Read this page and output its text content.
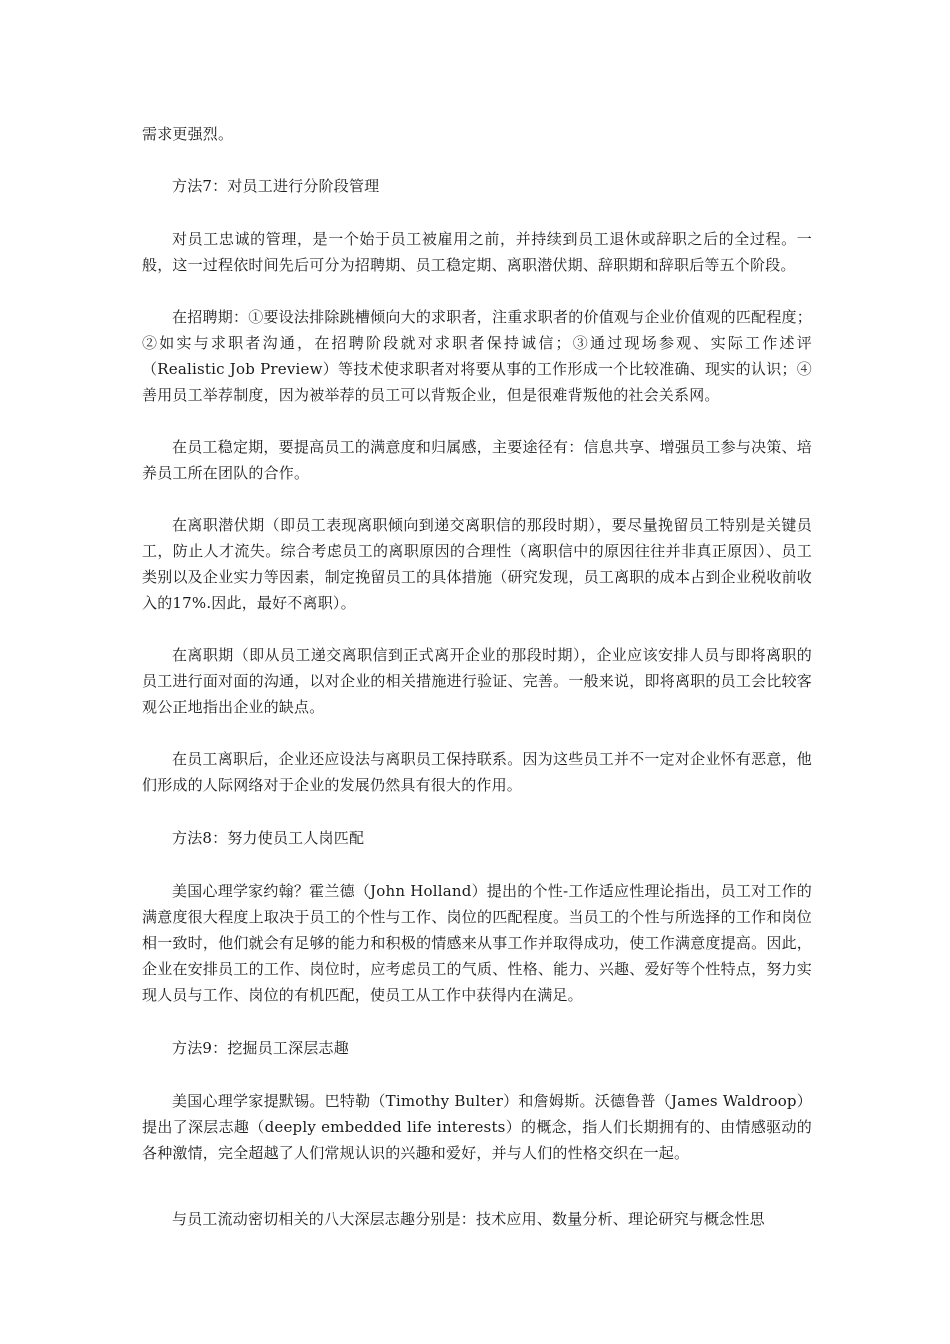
需求更强烈。

方法7：对员工进行分阶段管理

对员工忠诚的管理，是一个始于员工被雇用之前，并持续到员工退休或辞职之后的全过程。一般，这一过程依时间先后可分为招聘期、员工稳定期、离职潜伏期、辞职期和辞职后等五个阶段。

在招聘期：①要设法排除跳槽倾向大的求职者，注重求职者的价值观与企业价值观的匹配程度；②如实与求职者沟通，在招聘阶段就对求职者保持诚信；③通过现场参观、实际工作述评（Realistic Job Preview）等技术使求职者对将要从事的工作形成一个比较准确、现实的认识；④善用员工举荐制度，因为被举荐的员工可以背叛企业，但是很难背叛他的社会关系网。

在员工稳定期，要提高员工的满意度和归属感，主要途径有：信息共享、增强员工参与决策、培养员工所在团队的合作。

在离职潜伏期（即员工表现离职倾向到递交离职信的那段时期），要尽量挽留员工特别是关键员工，防止人才流失。综合考虑员工的离职原因的合理性（离职信中的原因往往并非真正原因）、员工类别以及企业实力等因素，制定挽留员工的具体措施（研究发现，员工离职的成本占到企业税收前收入的17%.因此，最好不离职）。

在离职期（即从员工递交离职信到正式离开企业的那段时期），企业应该安排人员与即将离职的员工进行面对面的沟通，以对企业的相关措施进行验证、完善。一般来说，即将离职的员工会比较客观公正地指出企业的缺点。

在员工离职后，企业还应设法与离职员工保持联系。因为这些员工并不一定对企业怀有恶意，他们形成的人际网络对于企业的发展仍然具有很大的作用。

方法8：努力使员工人岗匹配

美国心理学家约翰？霍兰德（John Holland）提出的个性-工作适应性理论指出，员工对工作的满意度很大程度上取决于员工的个性与工作、岗位的匹配程度。当员工的个性与所选择的工作和岗位相一致时，他们就会有足够的能力和积极的情感来从事工作并取得成功，使工作满意度提高。因此，企业在安排员工的工作、岗位时，应考虑员工的气质、性格、能力、兴趣、爱好等个性特点，努力实现人员与工作、岗位的有机匹配，使员工从工作中获得内在满足。

方法9：挖掘员工深层志趣

美国心理学家提默锡。巴特勒（Timothy Bulter）和詹姆斯。沃德鲁普（James Waldroop）提出了深层志趣（deeply embedded life interests）的概念，指人们长期拥有的、由情感驱动的各种激情，完全超越了人们常规认识的兴趣和爱好，并与人们的性格交织在一起。

与员工流动密切相关的八大深层志趣分别是：技术应用、数量分析、理论研究与概念性思
